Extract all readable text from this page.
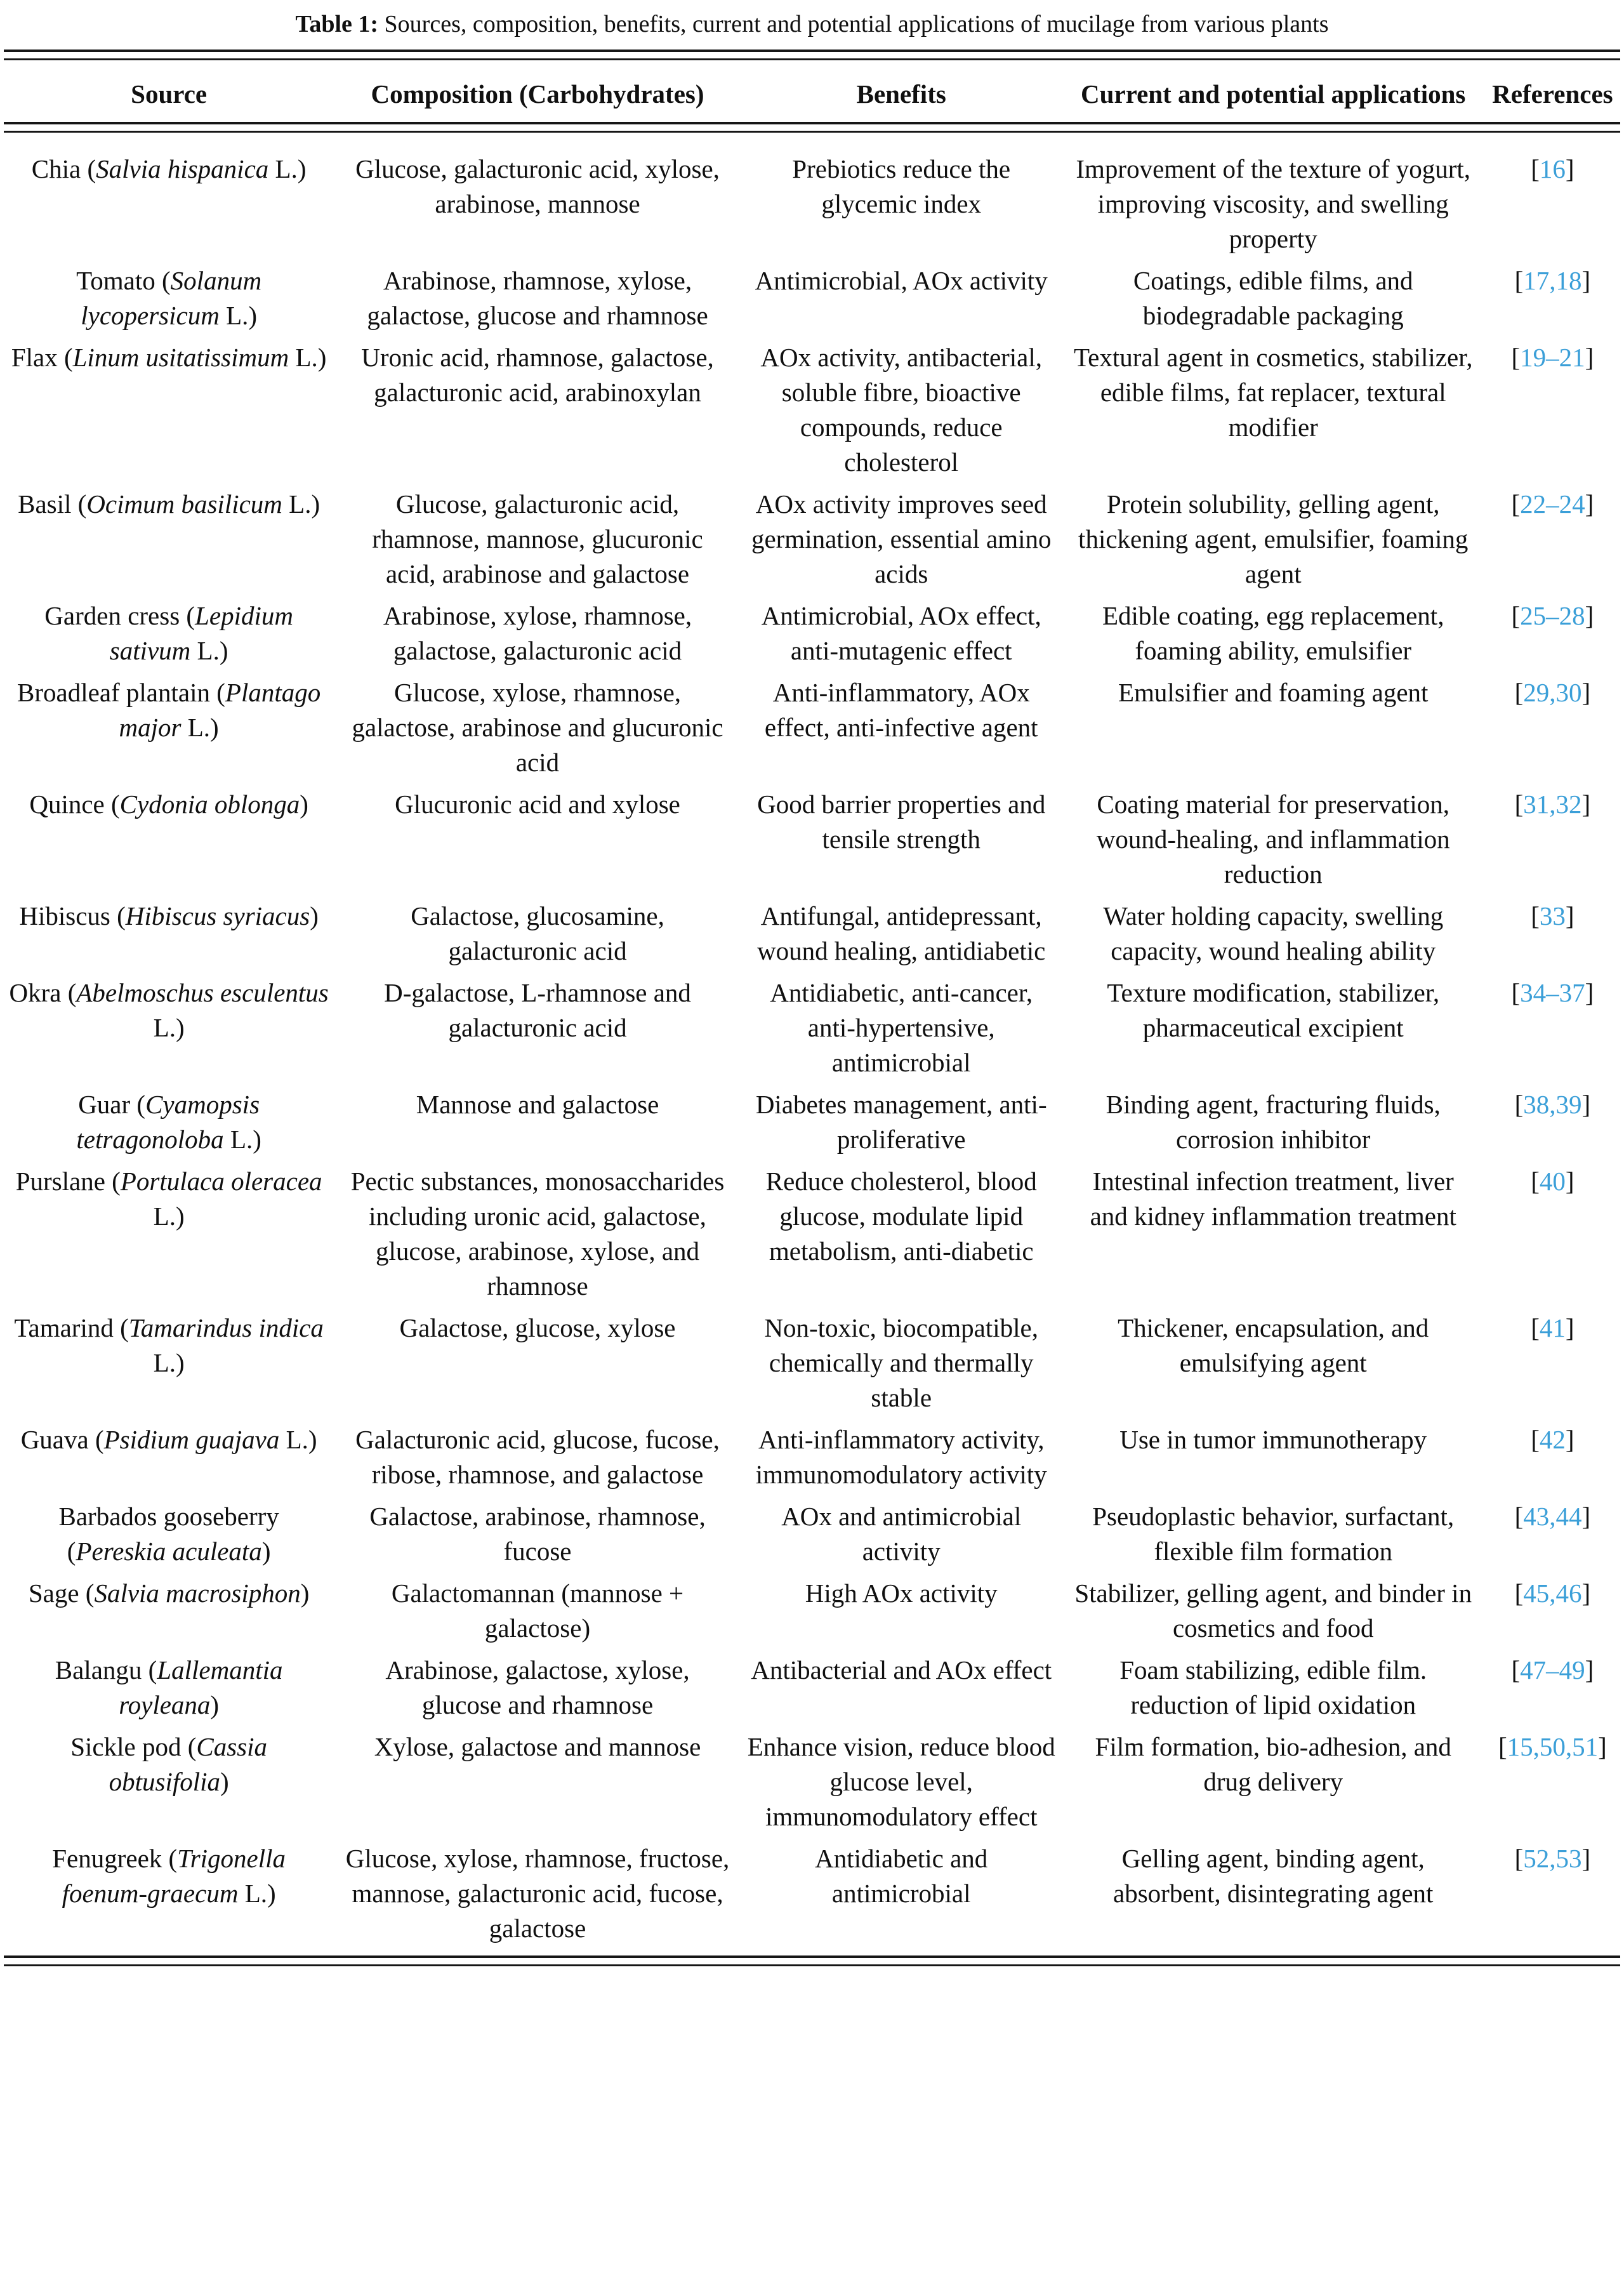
Table 1: Sources, composition, benefits, current and potential applications of mucilage from various plants
Source	Composition (Carbohydrates)	Benefits	Current and potential applications	References

Chia (Salvia hispanica L.)	Glucose, galacturonic acid, xylose, arabinose, mannose	Prebiotics reduce the glycemic index	Improvement of the texture of yogurt, improving viscosity, and swelling property	[16]
Tomato (Solanum lycopersicum L.)	Arabinose, rhamnose, xylose, galactose, glucose and rhamnose	Antimicrobial, AOx activity	Coatings, edible films, and biodegradable packaging	[17,18]
Flax (Linum usitatissimum L.)	Uronic acid, rhamnose, galactose, galacturonic acid, arabinoxylan	AOx activity, antibacterial, soluble fibre, bioactive compounds, reduce cholesterol	Textural agent in cosmetics, stabilizer, edible films, fat replacer, textural modifier	[19–21]
Basil (Ocimum basilicum L.)	Glucose, galacturonic acid, rhamnose, mannose, glucuronic acid, arabinose and galactose	AOx activity improves seed germination, essential amino acids	Protein solubility, gelling agent, thickening agent, emulsifier, foaming agent	[22–24]
Garden cress (Lepidium sativum L.)	Arabinose, xylose, rhamnose, galactose, galacturonic acid	Antimicrobial, AOx effect, anti-mutagenic effect	Edible coating, egg replacement, foaming ability, emulsifier	[25–28]
Broadleaf plantain (Plantago major L.)	Glucose, xylose, rhamnose, galactose, arabinose and glucuronic acid	Anti-inflammatory, AOx effect, anti-infective agent	Emulsifier and foaming agent	[29,30]
Quince (Cydonia oblonga)	Glucuronic acid and xylose	Good barrier properties and tensile strength	Coating material for preservation, wound-healing, and inflammation reduction	[31,32]
Hibiscus (Hibiscus syriacus)	Galactose, glucosamine, galacturonic acid	Antifungal, antidepressant, wound healing, antidiabetic	Water holding capacity, swelling capacity, wound healing ability	[33]
Okra (Abelmoschus esculentus L.)	D-galactose, L-rhamnose and galacturonic acid	Antidiabetic, anti-cancer, anti-hypertensive, antimicrobial	Texture modification, stabilizer, pharmaceutical excipient	[34–37]
Guar (Cyamopsis tetragonoloba L.)	Mannose and galactose	Diabetes management, anti-proliferative	Binding agent, fracturing fluids, corrosion inhibitor	[38,39]
Purslane (Portulaca oleracea L.)	Pectic substances, monosaccharides including uronic acid, galactose, glucose, arabinose, xylose, and rhamnose	Reduce cholesterol, blood glucose, modulate lipid metabolism, anti-diabetic	Intestinal infection treatment, liver and kidney inflammation treatment	[40]
Tamarind (Tamarindus indica L.)	Galactose, glucose, xylose	Non-toxic, biocompatible, chemically and thermally stable	Thickener, encapsulation, and emulsifying agent	[41]
Guava (Psidium guajava L.)	Galacturonic acid, glucose, fucose, ribose, rhamnose, and galactose	Anti-inflammatory activity, immunomodulatory activity	Use in tumor immunotherapy	[42]
Barbados gooseberry (Pereskia aculeata)	Galactose, arabinose, rhamnose, fucose	AOx and antimicrobial activity	Pseudoplastic behavior, surfactant, flexible film formation	[43,44]
Sage (Salvia macrosiphon)	Galactomannan (mannose + galactose)	High AOx activity	Stabilizer, gelling agent, and binder in cosmetics and food	[45,46]
Balangu (Lallemantia royleana)	Arabinose, galactose, xylose, glucose and rhamnose	Antibacterial and AOx effect	Foam stabilizing, edible film. reduction of lipid oxidation	[47–49]
Sickle pod (Cassia obtusifolia)	Xylose, galactose and mannose	Enhance vision, reduce blood glucose level, immunomodulatory effect	Film formation, bio-adhesion, and drug delivery	[15,50,51]
Fenugreek (Trigonella foenum-graecum L.)	Glucose, xylose, rhamnose, fructose, mannose, galacturonic acid, fucose, galactose	Antidiabetic and antimicrobial	Gelling agent, binding agent, absorbent, disintegrating agent	[52,53]
